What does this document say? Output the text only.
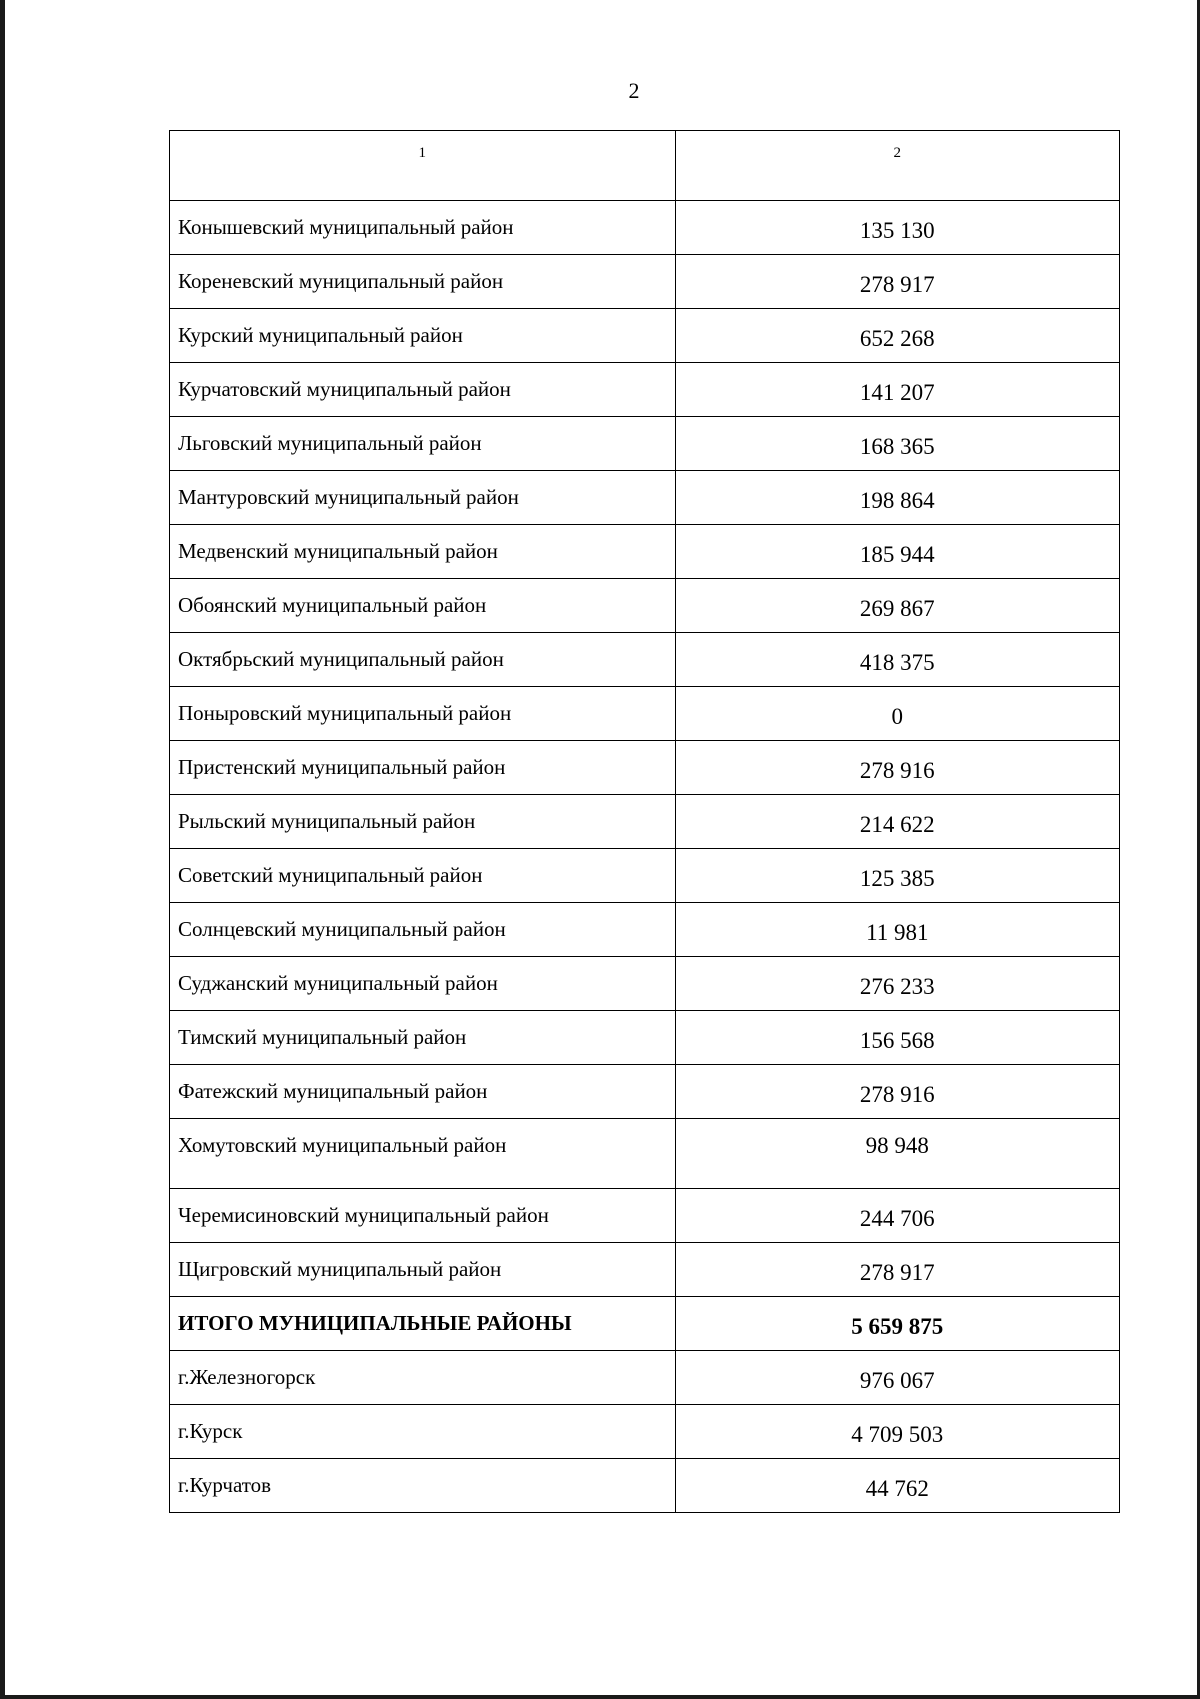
2
1	2
Конышевский муниципальный район	135 130
Кореневский муниципальный район	278 917
Курский муниципальный район	652 268
Курчатовский муниципальный район	141 207
Льговский муниципальный район	168 365
Мантуровский муниципальный район	198 864
Медвенский муниципальный район	185 944
Обоянский муниципальный район	269 867
Октябрьский муниципальный район	418 375
Поныровский муниципальный район	0
Пристенский муниципальный район	278 916
Рыльский муниципальный район	214 622
Советский муниципальный район	125 385
Солнцевский муниципальный район	11 981
Суджанский муниципальный район	276 233
Тимский муниципальный район	156 568
Фатежский муниципальный район	278 916
Хомутовский муниципальный район	98 948
Черемисиновский муниципальный район	244 706
Щигровский муниципальный район	278 917
ИТОГО МУНИЦИПАЛЬНЫЕ РАЙОНЫ	5 659 875
г.Железногорск	976 067
г.Курск	4 709 503
г.Курчатов	44 762
